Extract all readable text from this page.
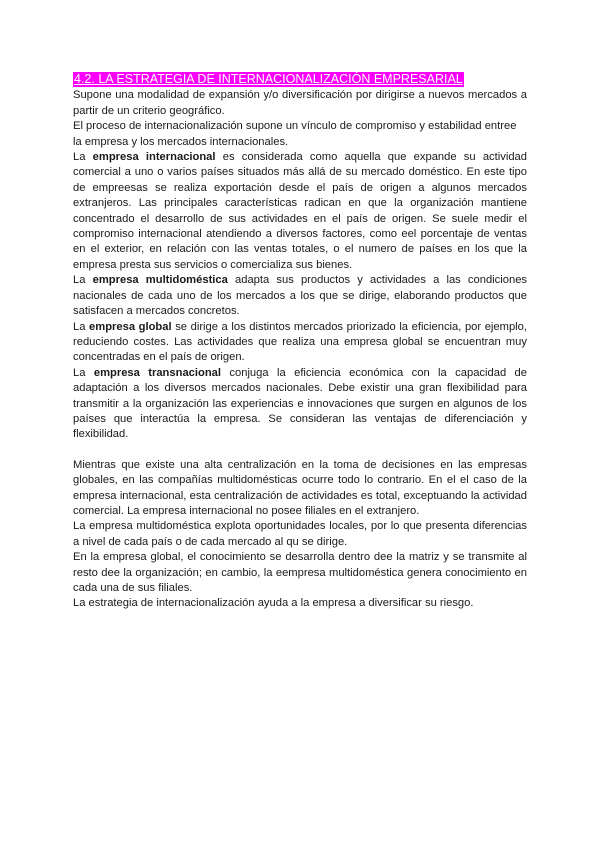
4.2. LA ESTRATEGIA DE INTERNACIONALIZACIÓN EMPRESARIAL

Supone una modalidad de expansión y/o diversificación por dirigirse a nuevos mercados a partir de un criterio geográfico.

El proceso de internacionalización supone un vínculo de compromiso y estabilidad entree la empresa y los mercados internacionales.

La empresa internacional es considerada como aquella que expande su actividad comercial a uno o varios países situados más allá de su mercado doméstico. En este tipo de empreesas se realiza exportación desde el país de origen a algunos mercados extranjeros. Las principales características radican en que la organización mantiene concentrado el desarrollo de sus actividades en el país de origen. Se suele medir el compromiso internacional atendiendo a diversos factores, como eel porcentaje de ventas en el exterior, en relación con las ventas totales, o el numero de países en los que la empresa presta sus servicios o comercializa sus bienes.

La empresa multidoméstica adapta sus productos y actividades a las condiciones nacionales de cada uno de los mercados a los que se dirige, elaborando productos que satisfacen a mercados concretos.

La empresa global se dirige a los distintos mercados priorizado la eficiencia, por ejemplo, reduciendo costes. Las actividades que realiza una empresa global se encuentran muy concentradas en el país de origen.

La empresa transnacional conjuga la eficiencia económica con la capacidad de adaptación a los diversos mercados nacionales. Debe existir una gran flexibilidad para transmitir a la organización las experiencias e innovaciones que surgen en algunos de los países que interactúa la empresa. Se consideran las ventajas de diferenciación y flexibilidad.

Mientras que existe una alta centralización en la toma de decisiones en las empresas globales, en las compañías multidomésticas ocurre todo lo contrario. En el el caso de la empresa internacional, esta centralización de actividades es total, exceptuando la actividad comercial. La empresa internacional no posee filiales en el extranjero.

La empresa multidoméstica explota oportunidades locales, por lo que presenta diferencias a nivel de cada país o de cada mercado al qu se dirige.

En la empresa global, el conocimiento se desarrolla dentro dee la matriz y se transmite al resto dee la organización; en cambio, la eempresa multidoméstica genera conocimiento en cada una de sus filiales.

La estrategia de internacionalización ayuda a la empresa a diversificar su riesgo.
